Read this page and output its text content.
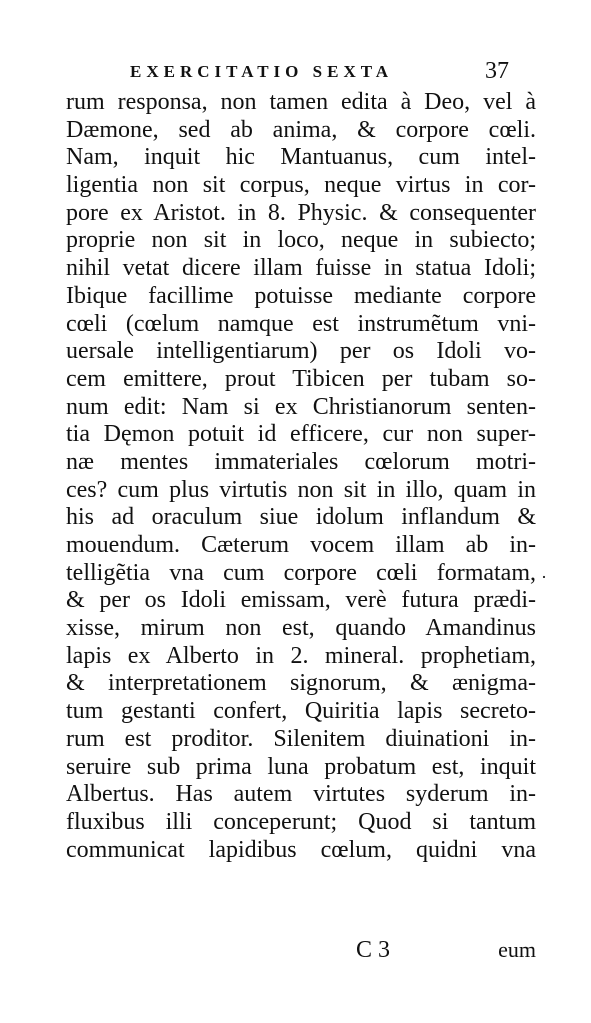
EXERCITATIO SEXTA	37
rum responsa, non tamen edita à Deo, vel à
Dæmone, sed ab anima, & corpore cœli.
Nam, inquit hic Mantuanus, cum intel-
ligentia non sit corpus, neque virtus in cor-
pore ex Aristot. in 8. Physic. & consequenter
proprie non sit in loco, neque in subiecto;
nihil vetat dicere illam fuisse in statua Idoli;
Ibique facillime potuisse mediante corpore
cœli (cœlum namque est instrumẽtum vni-
uersale intelligentiarum) per os Idoli vo-
cem emittere, prout Tibicen per tubam so-
num edit: Nam si ex Christianorum senten-
tia Dęmon potuit id efficere, cur non super-
næ mentes immateriales cœlorum motri-
ces? cum plus virtutis non sit in illo, quam in
his ad oraculum siue idolum inflandum &
mouendum. Cæterum vocem illam ab in-
telligẽtia vna cum corpore cœli formatam,
& per os Idoli emissam, verè futura prædi-
xisse, mirum non est, quando Amandinus
lapis ex Alberto in 2. mineral. prophetiam,
& interpretationem signorum, & ænigma-
tum gestanti confert, Quiritia lapis secreto-
rum est proditor. Silenitem diuinationi in-
seruire sub prima luna probatum est, inquit
Albertus. Has autem virtutes syderum in-
fluxibus illi conceperunt; Quod si tantum
communicat lapidibus cœlum, quidni vna
·
C 3	eum
